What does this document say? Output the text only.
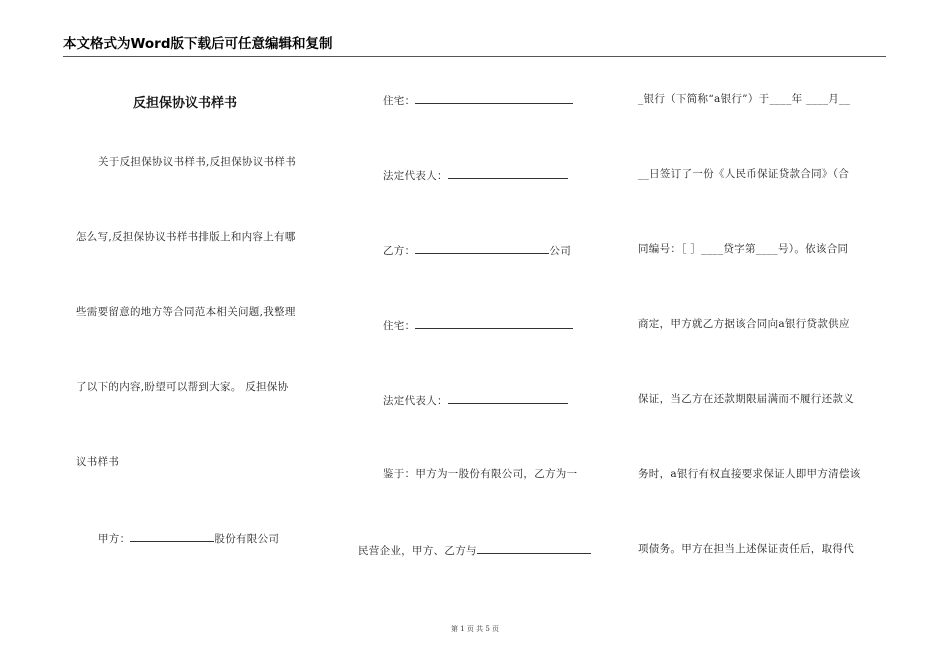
本文格式为Word版下载后可任意编辑和复制
反担保协议书样书
关于反担保协议书样书,反担保协议书样书
怎么写,反担保协议书样书排版上和内容上有哪
些需要留意的地方等合同范本相关问题,我整理
了以下的内容,盼望可以帮到大家。 反担保协
议书样书
甲方：	股份有限公司
住宅：
法定代表人：
乙方：	公司
住宅：
法定代表人：
鉴于：甲方为一股份有限公司，乙方为一
民营企业，甲方、乙方与
_银行（下简称“a银行”）于____年 ____月__
__日签订了一份《人民币保证贷款合同》（合
同编号：［ ］____贷字第____号）。依该合同
商定，甲方就乙方据该合同向a银行贷款供应
保证，当乙方在还款期限届满而不履行还款义
务时，a银行有权直接要求保证人即甲方清偿该
项债务。甲方在担当上述保证责任后，取得代
第 1 页 共 5 页
